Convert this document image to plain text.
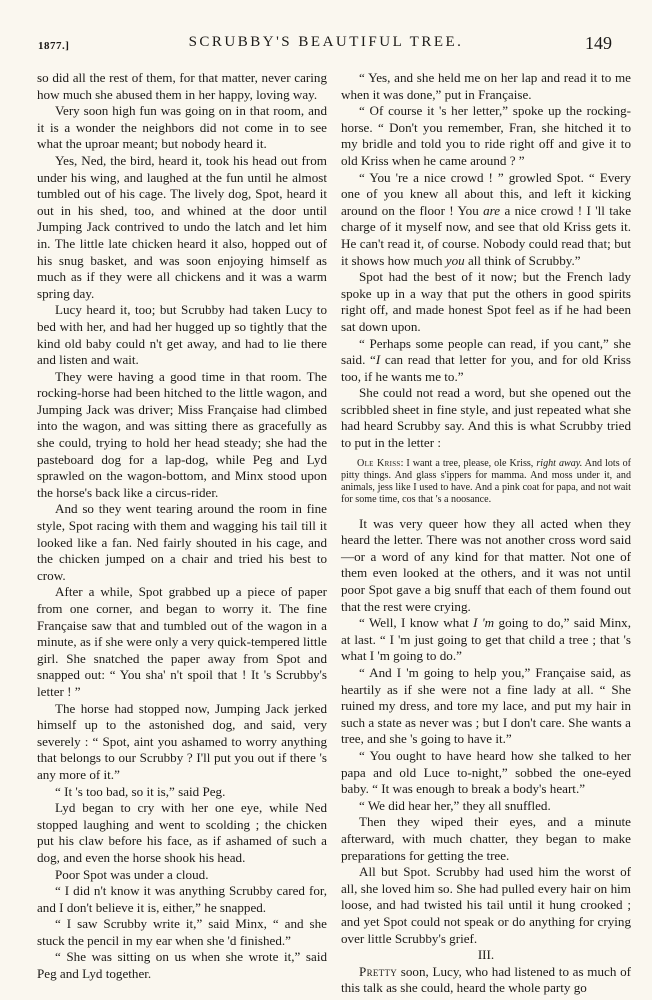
1877.]	SCRUBBY'S BEAUTIFUL TREE.	149

so did all the rest of them, for that matter, never caring how much she abused them in her happy, loving way.

Very soon high fun was going on in that room, and it is a wonder the neighbors did not come in to see what the uproar meant; but nobody heard it.

Yes, Ned, the bird, heard it, took his head out from under his wing, and laughed at the fun until he almost tumbled out of his cage. The lively dog, Spot, heard it out in his shed, too, and whined at the door until Jumping Jack contrived to undo the latch and let him in. The little late chicken heard it also, hopped out of his snug basket, and was soon enjoying himself as much as if they were all chickens and it was a warm spring day.

Lucy heard it, too; but Scrubby had taken Lucy to bed with her, and had her hugged up so tightly that the kind old baby could n't get away, and had to lie there and listen and wait.

They were having a good time in that room. The rocking-horse had been hitched to the little wagon, and Jumping Jack was driver; Miss Française had climbed into the wagon, and was sitting there as gracefully as she could, trying to hold her head steady; she had the pasteboard dog for a lap-dog, while Peg and Lyd sprawled on the wagon-bottom, and Minx stood upon the horse's back like a circus-rider.

And so they went tearing around the room in fine style, Spot racing with them and wagging his tail till it looked like a fan. Ned fairly shouted in his cage, and the chicken jumped on a chair and tried his best to crow.

After a while, Spot grabbed up a piece of paper from one corner, and began to worry it. The fine Française saw that and tumbled out of the wagon in a minute, as if she were only a very quick-tempered little girl. She snatched the paper away from Spot and snapped out: “ You sha' n't spoil that ! It 's Scrubby's letter ! ”

The horse had stopped now, Jumping Jack jerked himself up to the astonished dog, and said, very severely : “ Spot, aint you ashamed to worry anything that belongs to our Scrubby ? I'll put you out if there 's any more of it.”

“ It 's too bad, so it is,” said Peg.

Lyd began to cry with her one eye, while Ned stopped laughing and went to scolding ; the chicken put his claw before his face, as if ashamed of such a dog, and even the horse shook his head.

Poor Spot was under a cloud.

“ I did n't know it was anything Scrubby cared for, and I don't believe it is, either,” he snapped.

“ I saw Scrubby write it,” said Minx, “ and she stuck the pencil in my ear when she 'd finished.”

“ She was sitting on us when she wrote it,” said Peg and Lyd together.

“ Yes, and she held me on her lap and read it to me when it was done,” put in Française.

“ Of course it 's her letter,” spoke up the rocking-horse. “ Don't you remember, Fran, she hitched it to my bridle and told you to ride right off and give it to old Kriss when he came around ? ”

“ You 're a nice crowd ! ” growled Spot. “ Every one of you knew all about this, and left it kicking around on the floor ! You are a nice crowd ! I 'll take charge of it myself now, and see that old Kriss gets it. He can't read it, of course. Nobody could read that; but it shows how much you all think of Scrubby.”

Spot had the best of it now; but the French lady spoke up in a way that put the others in good spirits right off, and made honest Spot feel as if he had been sat down upon.

“ Perhaps some people can read, if you cant,” she said. “I can read that letter for you, and for old Kriss too, if he wants me to.”

She could not read a word, but she opened out the scribbled sheet in fine style, and just repeated what she had heard Scrubby say. And this is what Scrubby tried to put in the letter :

Ole Kriss: I want a tree, please, ole Kriss, right away. And lots of pitty things. And glass s'ippers for mamma. And moss under it, and animals, jess like I used to have. And a pink coat for papa, and not wait for some time, cos that 's a noosance.

It was very queer how they all acted when they heard the letter. There was not another cross word said—or a word of any kind for that matter. Not one of them even looked at the others, and it was not until poor Spot gave a big snuff that each of them found out that the rest were crying.

“ Well, I know what I 'm going to do,” said Minx, at last. “ I 'm just going to get that child a tree ; that 's what I 'm going to do.”

“ And I 'm going to help you,” Française said, as heartily as if she were not a fine lady at all. “ She ruined my dress, and tore my lace, and put my hair in such a state as never was ; but I don't care. She wants a tree, and she 's going to have it.”

“ You ought to have heard how she talked to her papa and old Luce to-night,” sobbed the one-eyed baby. “ It was enough to break a body's heart.”

“ We did hear her,” they all snuffled.

Then they wiped their eyes, and a minute afterward, with much chatter, they began to make preparations for getting the tree.

All but Spot. Scrubby had used him the worst of all, she loved him so. She had pulled every hair on him loose, and had twisted his tail until it hung crooked ; and yet Spot could not speak or do anything for crying over little Scrubby's grief.

III.

Pretty soon, Lucy, who had listened to as much of this talk as she could, heard the whole party go
